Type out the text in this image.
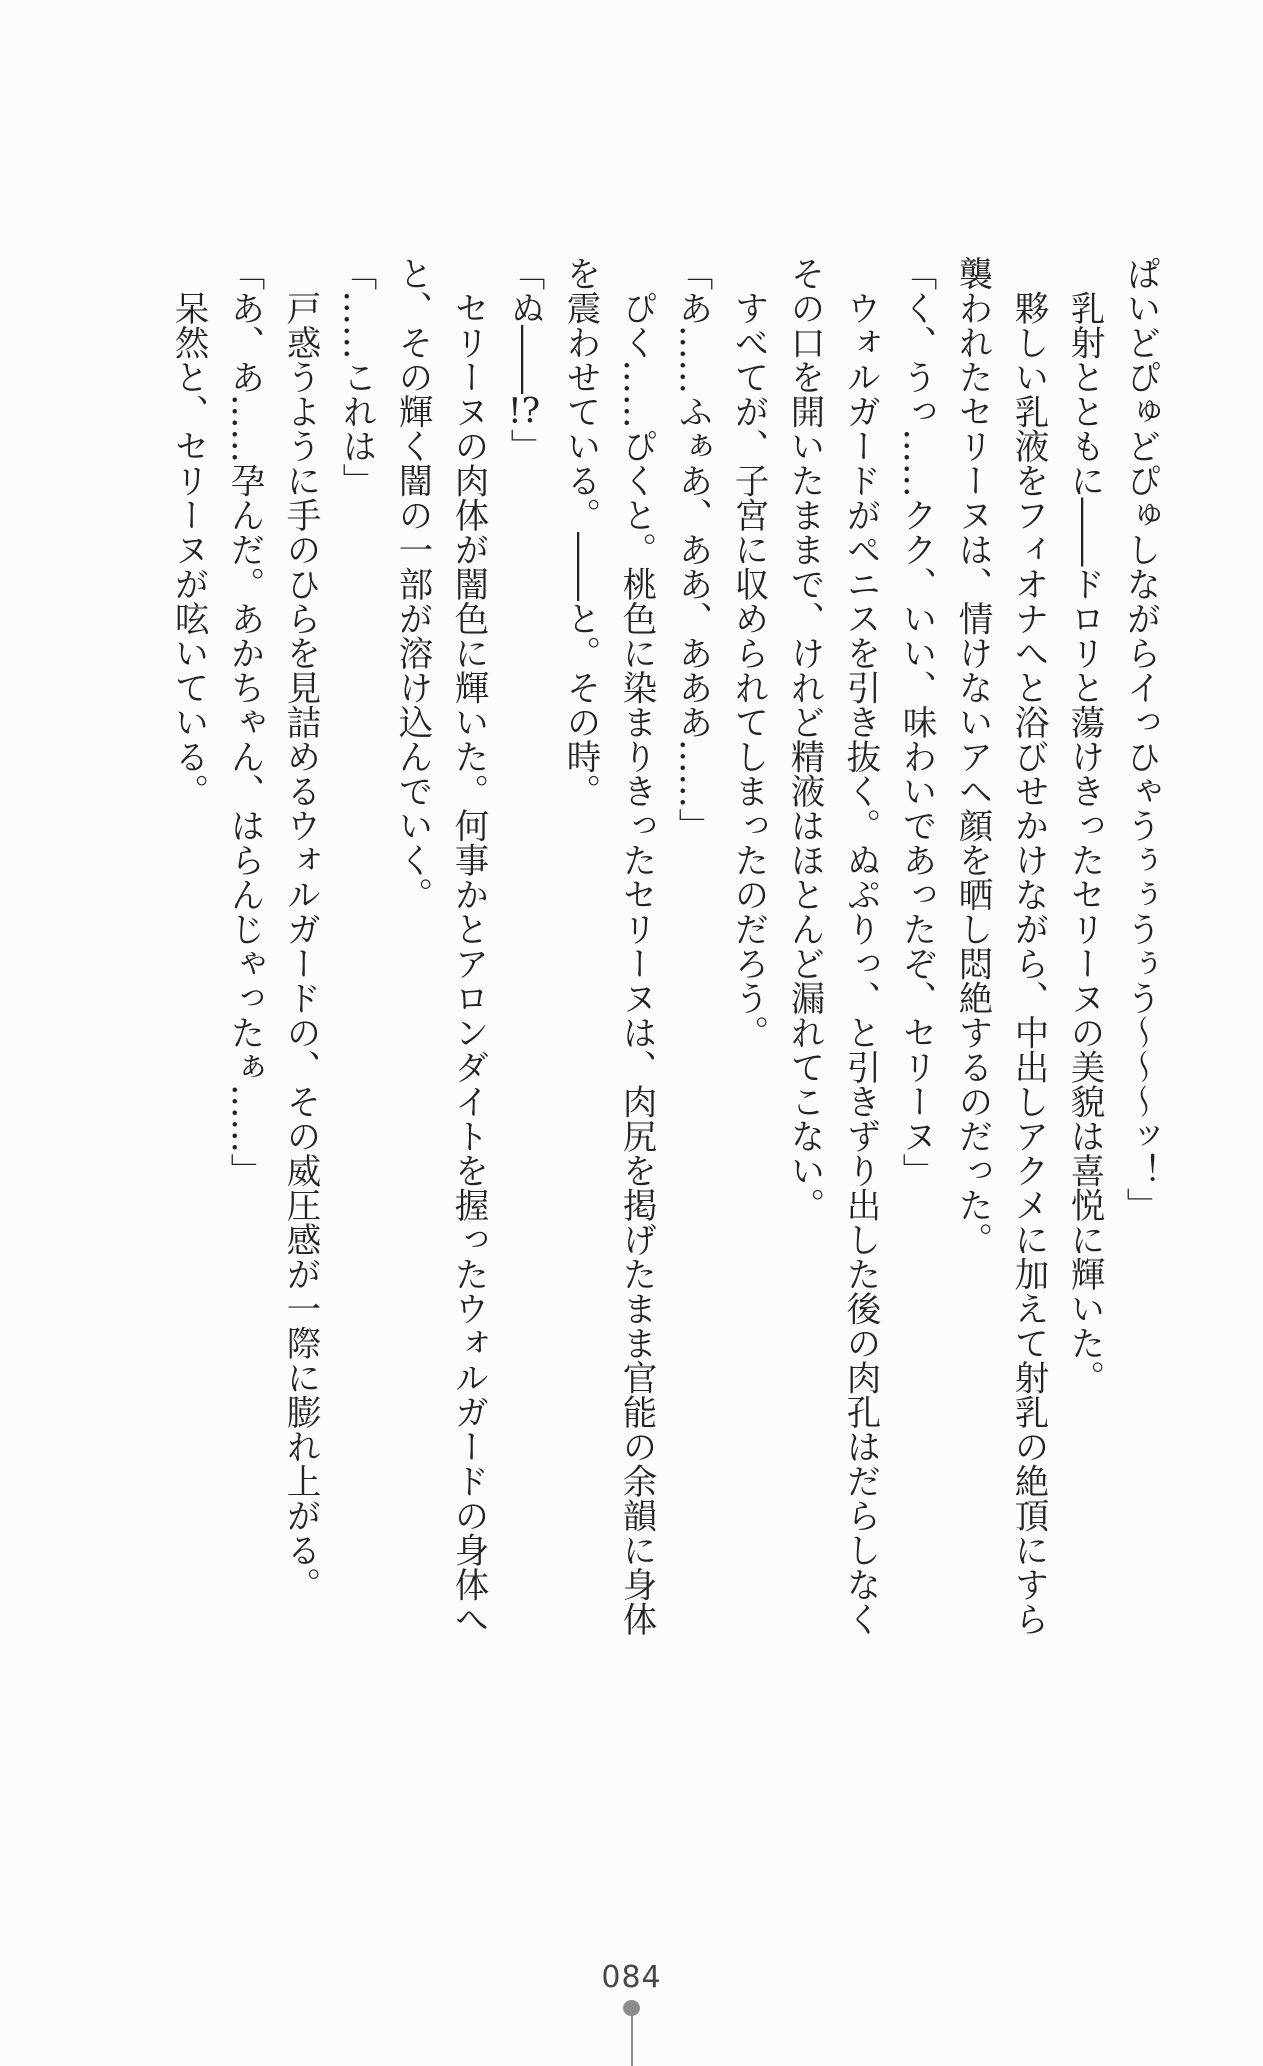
ぱいどぴゅどぴゅしながらイっひゃうぅぅうぅう〜〜〜ッ！」

　乳射とともに――ドロリと蕩けきったセリーヌの美貌は喜悦に輝いた。

　夥しい乳液をフィオナへと浴びせかけながら、中出しアクメに加えて射乳の絶頂にすら
襲われたセリーヌは、情けないアヘ顔を晒し悶絶するのだった。

「く、うっ……クク、いい、味わいであったぞ、セリーヌ」

　ウォルガードがペニスを引き抜く。ぬぷりっ、と引きずり出した後の肉孔はだらしなく
その口を開いたままで、けれど精液はほとんど漏れてこない。

　すべてが、子宮に収められてしまったのだろう。

「あ……ふぁあ、ああ、あああ……」

　ぴく……ぴくと。桃色に染まりきったセリーヌは、肉尻を掲げたまま官能の余韻に身体
を震わせている。――と。その時。

「ぬ――!?」

　セリーヌの肉体が闇色に輝いた。何事かとアロンダイトを握ったウォルガードの身体へ
と、その輝く闇の一部が溶け込んでいく。

「……これは」

　戸惑うように手のひらを見詰めるウォルガードの、その威圧感が一際に膨れ上がる。

「あ、あ……孕んだ。あかちゃん、はらんじゃったぁ……」

　呆然と、セリーヌが呟いている。

084
